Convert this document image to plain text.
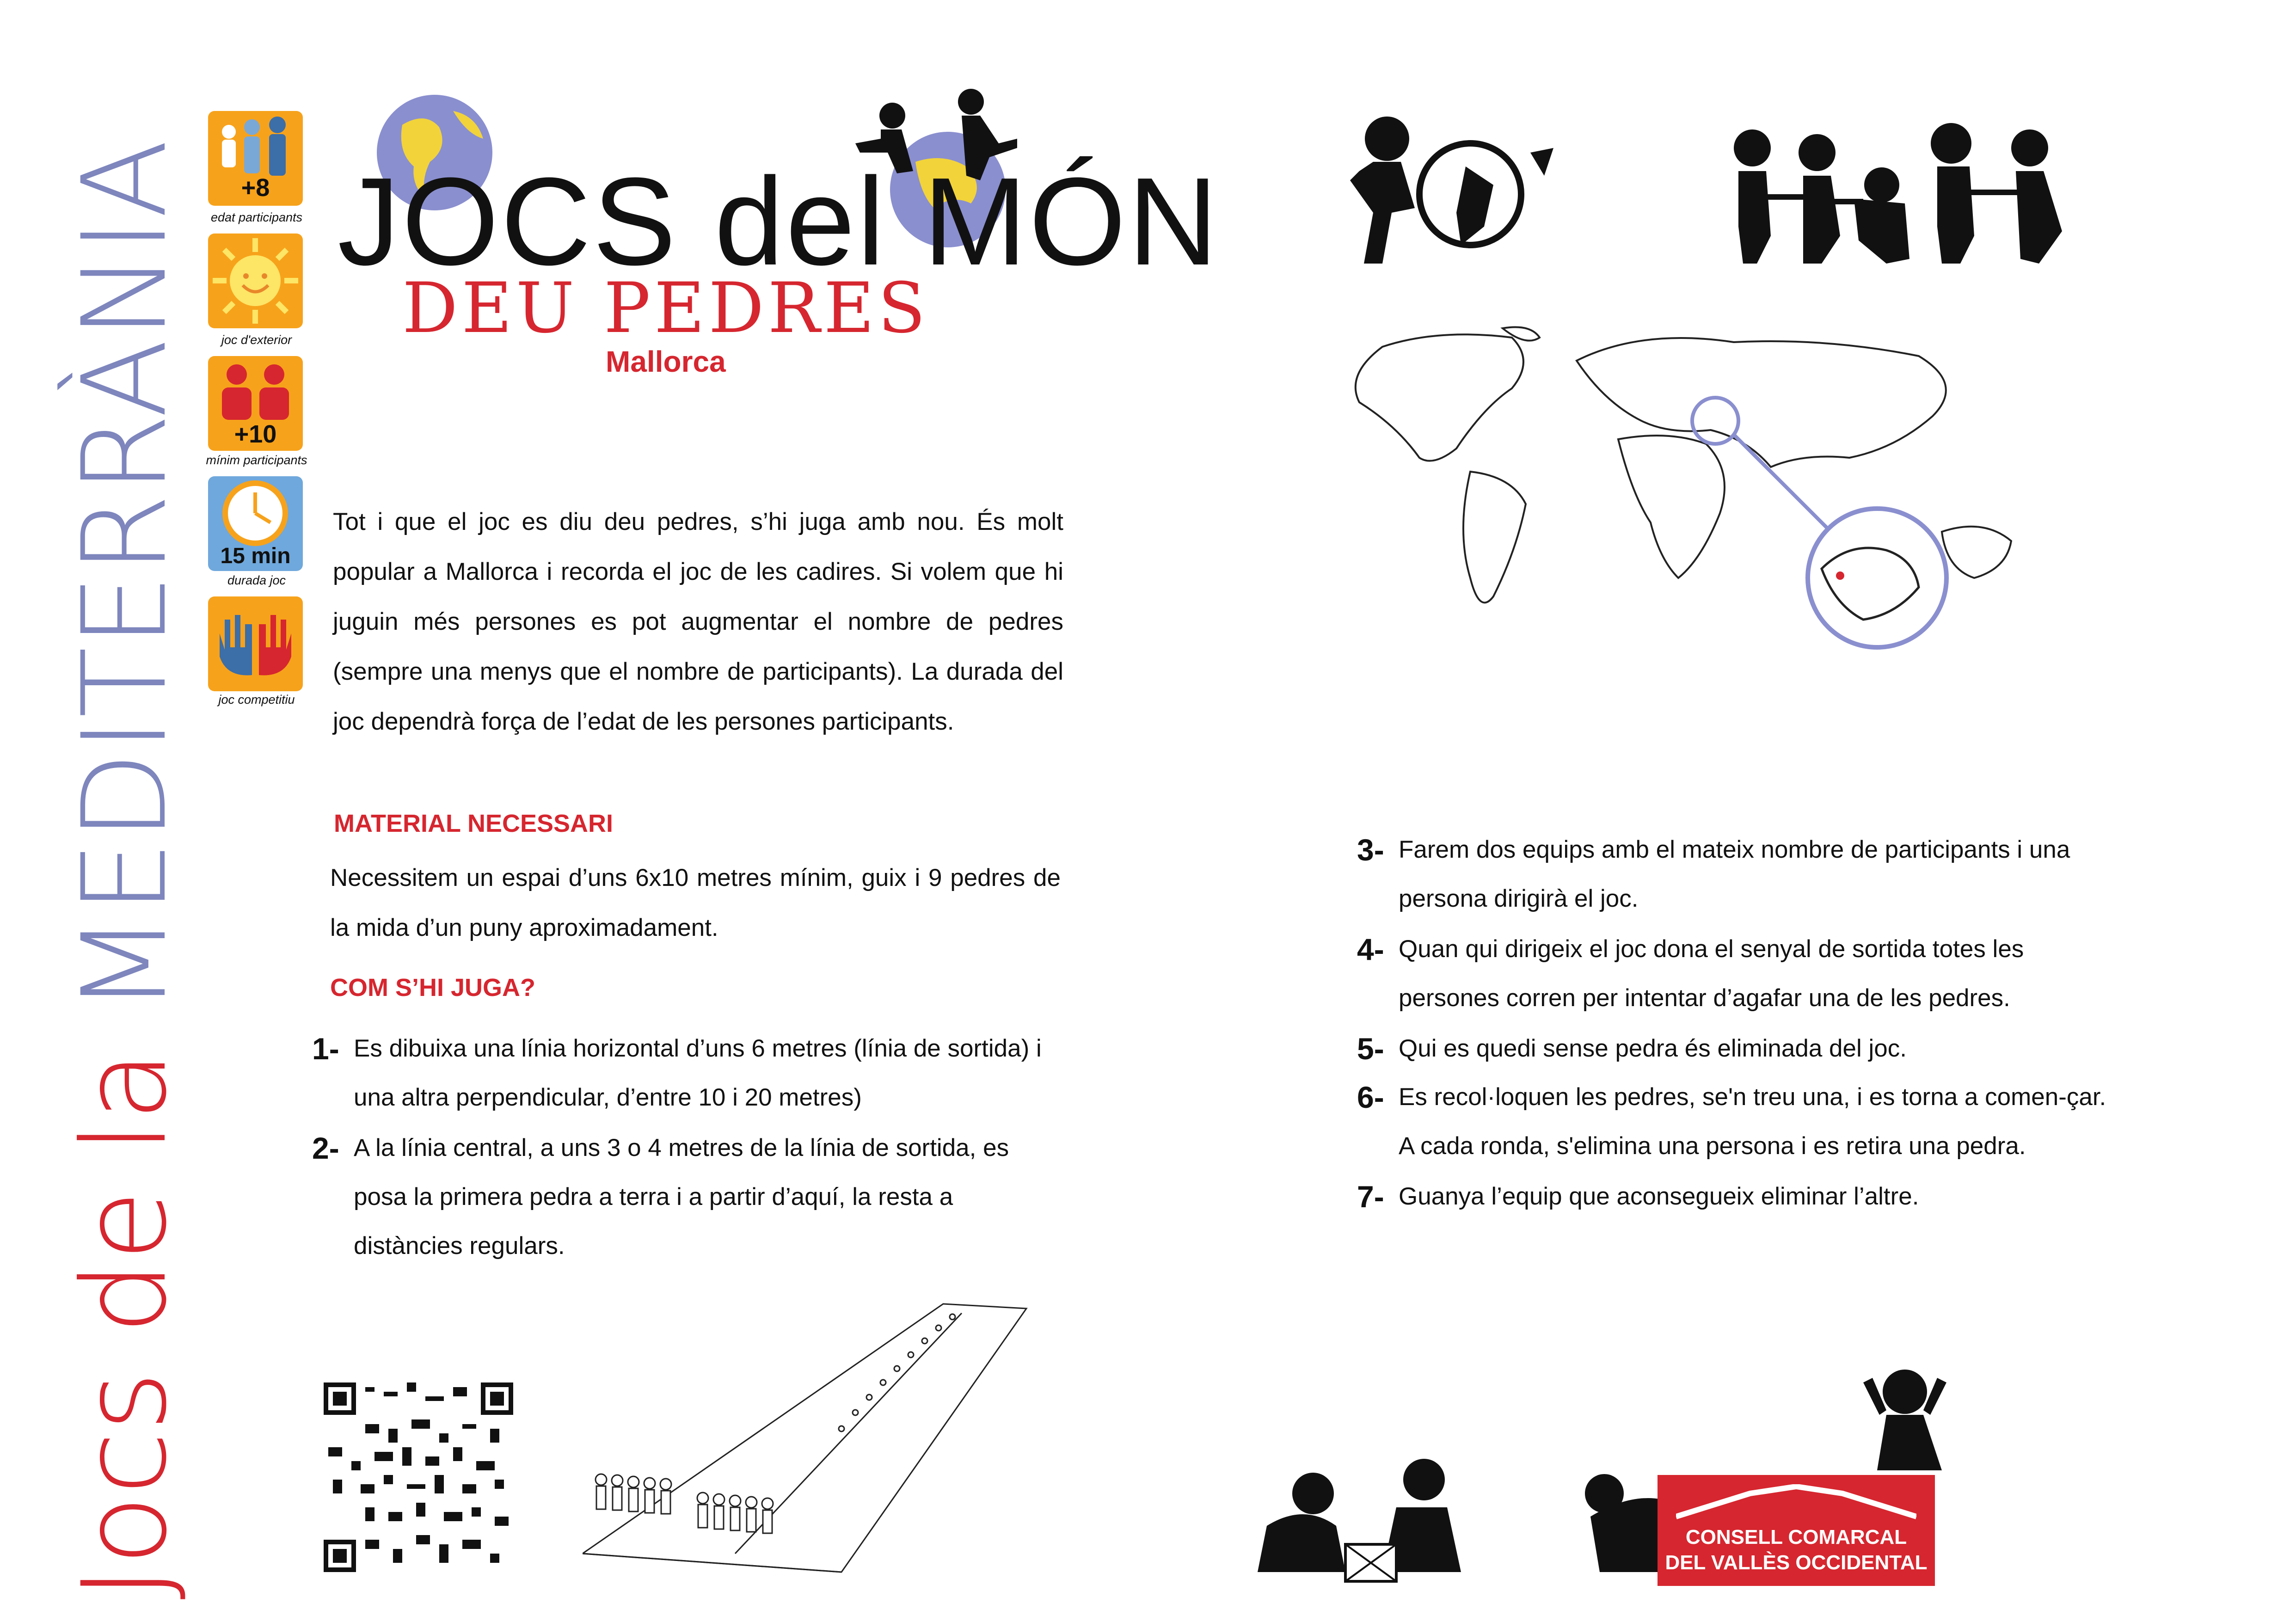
Jocs de la MEDITERRÀNIA	+8
edat participants
joc d'exterior
+10
mínim participants
15 min
durada joc
joc competitiu
JOCS del MÓN
DEU PEDRES
Mallorca
Tot i que el joc es diu deu pedres, s’hi juga amb nou. És molt popular a Mallorca i recorda el joc de les cadires. Si volem que hi juguin més persones es pot augmentar el nombre de pedres (sempre una menys que el nombre de participants). La durada del joc dependrà força de l’edat de les persones participants.
MATERIAL NECESSARI
Necessitem un espai d’uns 6x10 metres mínim, guix i 9 pedres de la mida d’un puny aproximadament.
COM S’HI JUGA?
1- Es dibuixa una línia horizontal d’uns 6 metres (línia de sortida) i una altra perpendicular, d’entre 10 i 20 metres)
2- A la línia central, a uns 3 o 4 metres de la línia de sortida, es posa la primera pedra a terra i a partir d’aquí, la resta a distàncies regulars.
3- Farem dos equips amb el mateix nombre de participants i una persona dirigirà el joc.
4- Quan qui dirigeix el joc dona el senyal de sortida totes les persones corren per intentar d’agafar una de les pedres.
5- Qui es quedi sense pedra és eliminada del joc.
6- Es recol·loquen les pedres, se'n treu una, i es torna a comen-çar. A cada ronda, s'elimina una persona i es retira una pedra.
7- Guanya l’equip que aconsegueix eliminar l’altre.
CONSELL COMARCAL
DEL VALLÈS OCCIDENTAL
